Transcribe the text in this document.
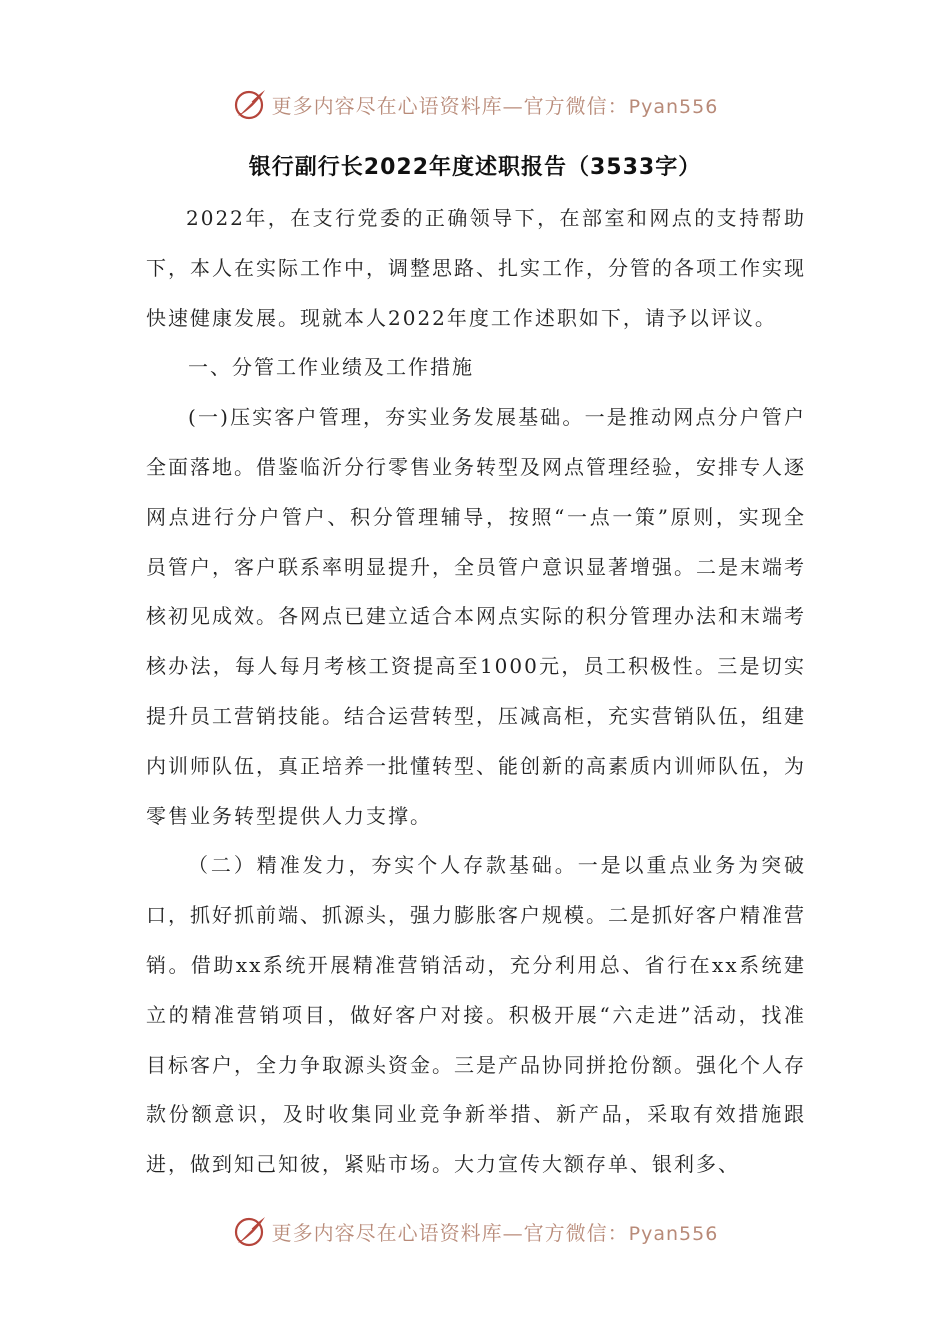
更多内容尽在心语资料库—官方微信：Pyan556
银行副行长2022年度述职报告（3533字）

2022年，在支行党委的正确领导下，在部室和网点的支持帮助下，本人在实际工作中，调整思路、扎实工作，分管的各项工作实现快速健康发展。现就本人2022年度工作述职如下，请予以评议。

一、分管工作业绩及工作措施

(一)压实客户管理，夯实业务发展基础。一是推动网点分户管户全面落地。借鉴临沂分行零售业务转型及网点管理经验，安排专人逐网点进行分户管户、积分管理辅导，按照“一点一策”原则，实现全员管户，客户联系率明显提升，全员管户意识显著增强。二是末端考核初见成效。各网点已建立适合本网点实际的积分管理办法和末端考核办法，每人每月考核工资提高至1000元，员工积极性。三是切实提升员工营销技能。结合运营转型，压减高柜，充实营销队伍，组建内训师队伍，真正培养一批懂转型、能创新的高素质内训师队伍，为零售业务转型提供人力支撑。

（二）精准发力，夯实个人存款基础。一是以重点业务为突破口，抓好抓前端、抓源头，强力膨胀客户规模。二是抓好客户精准营销。借助xx系统开展精准营销活动，充分利用总、省行在xx系统建立的精准营销项目，做好客户对接。积极开展“六走进”活动，找准目标客户，全力争取源头资金。三是产品协同拼抢份额。强化个人存款份额意识，及时收集同业竞争新举措、新产品，采取有效措施跟进，做到知己知彼，紧贴市场。大力宣传大额存单、银利多、

更多内容尽在心语资料库—官方微信：Pyan556
